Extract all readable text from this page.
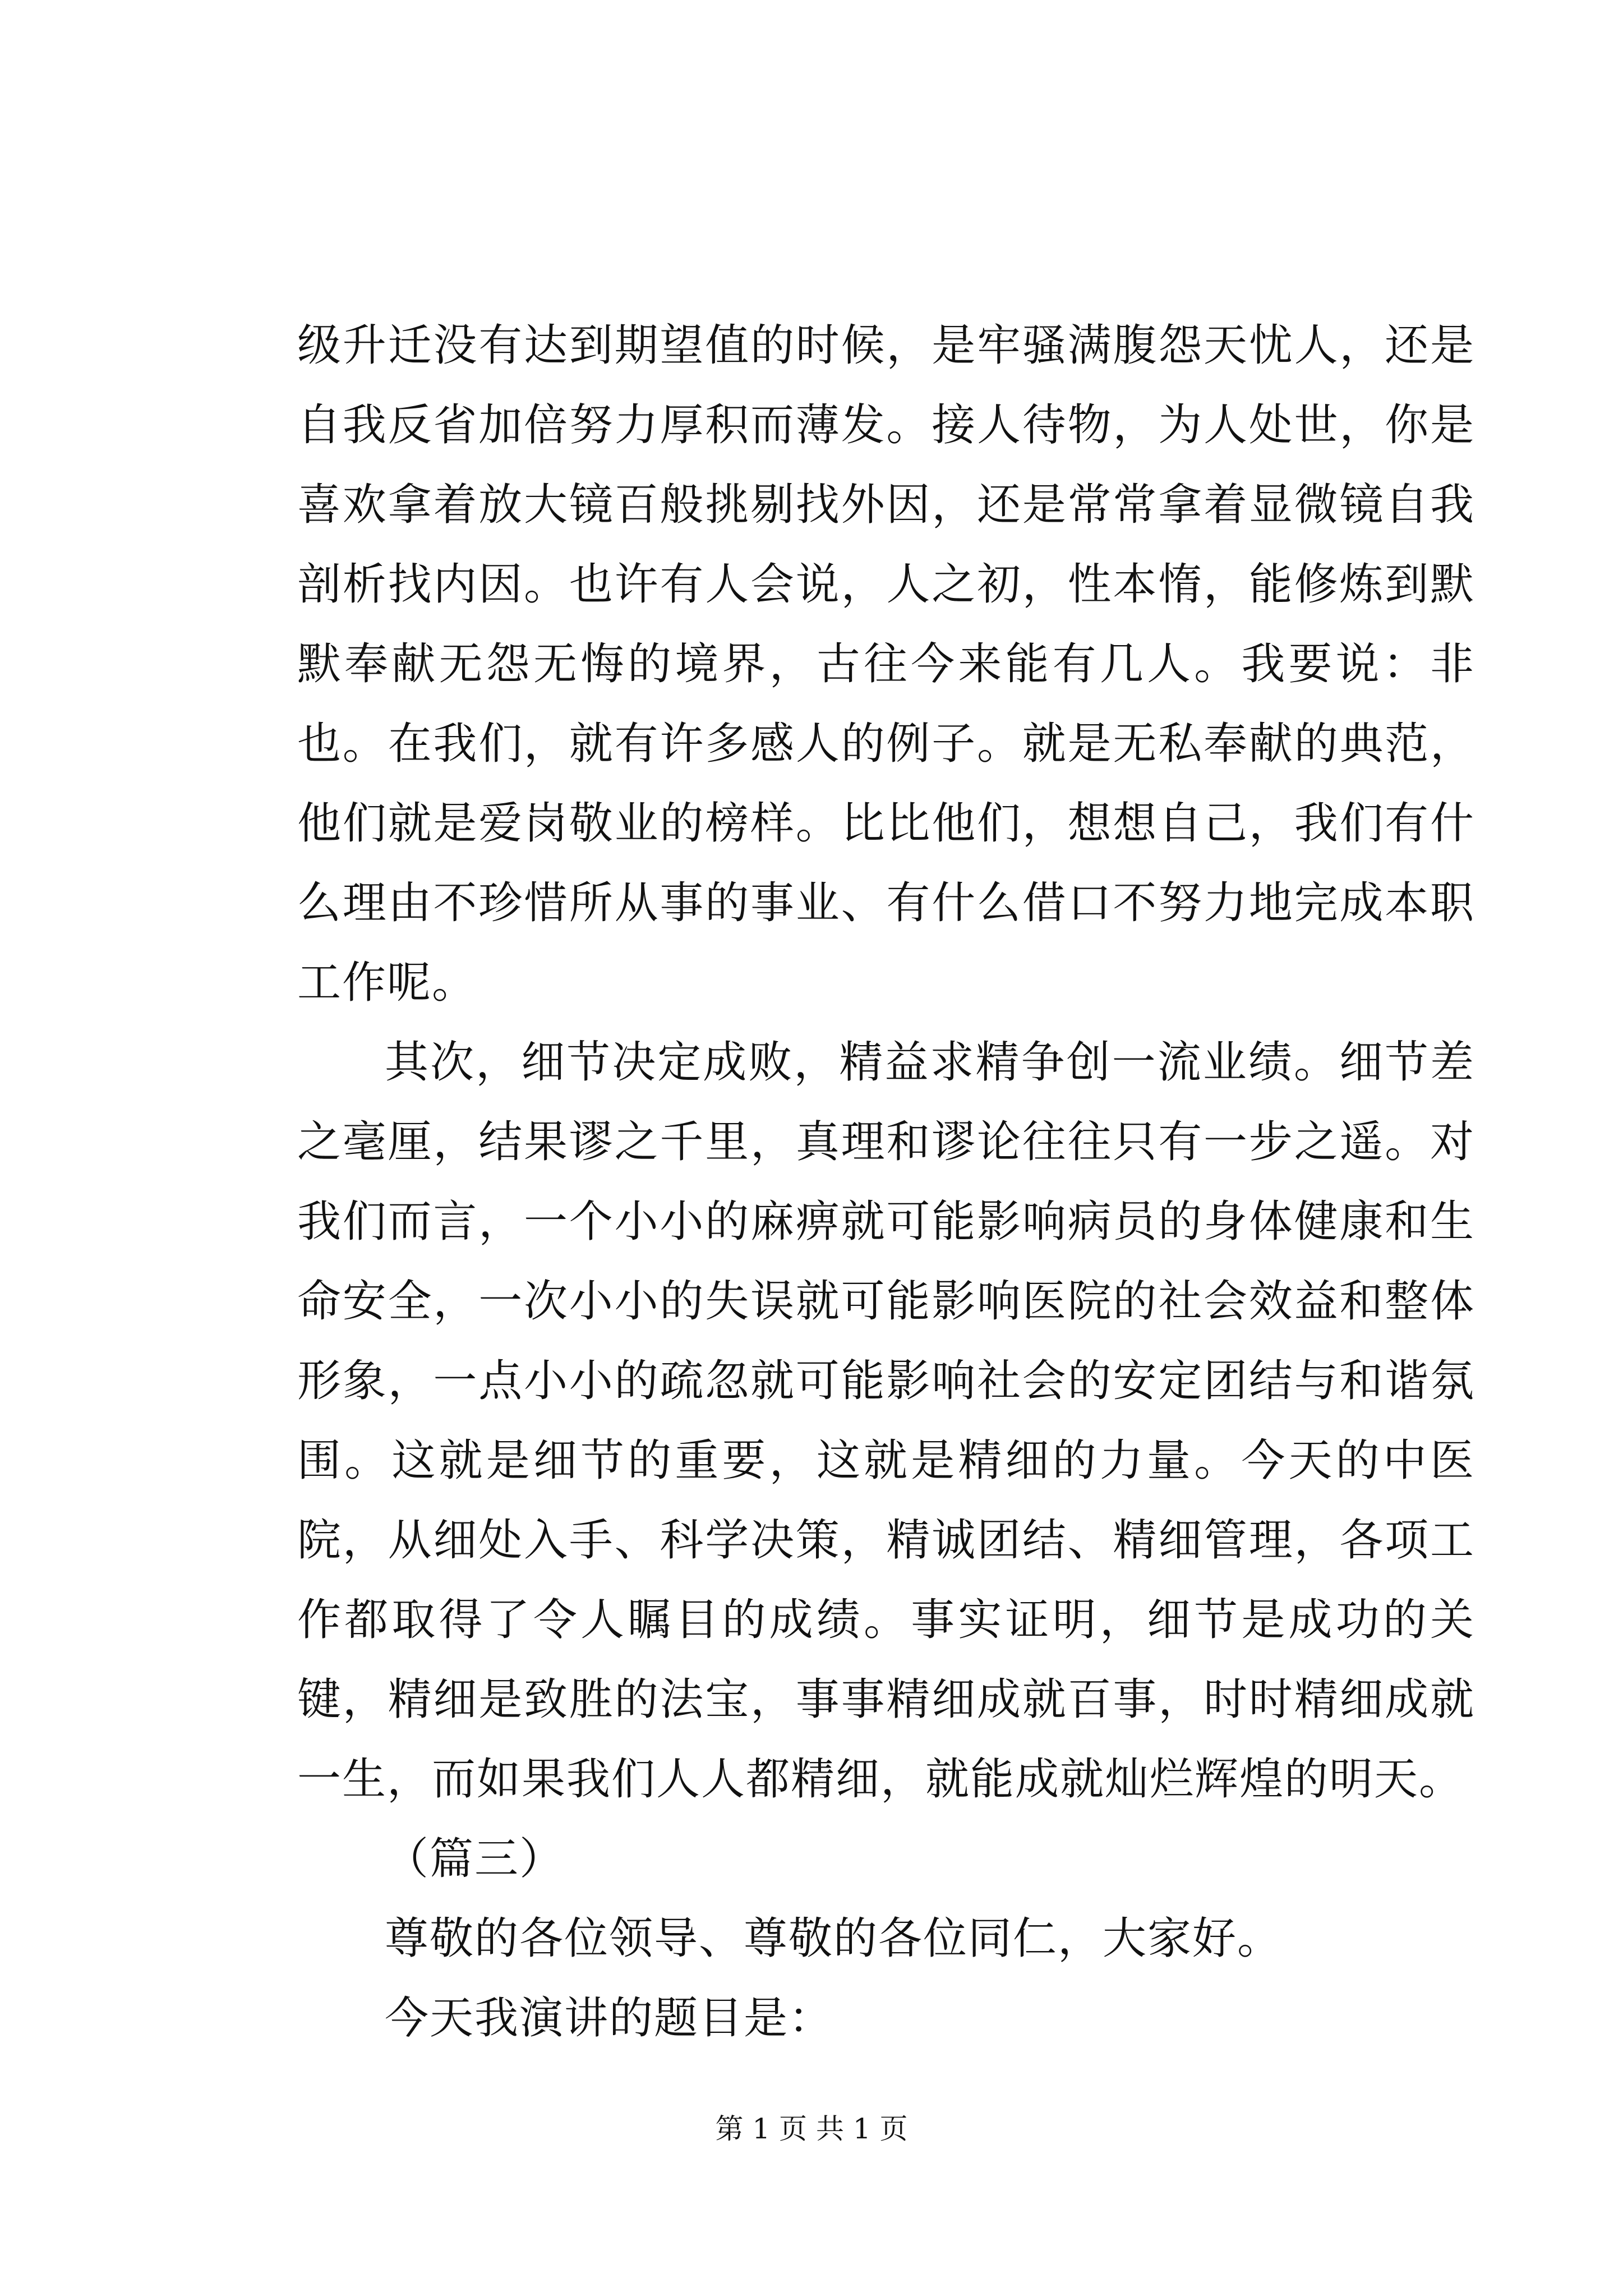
级升迁没有达到期望值的时候，是牢骚满腹怨天忧人，还是自我反省加倍努力厚积而薄发。接人待物，为人处世，你是喜欢拿着放大镜百般挑剔找外因，还是常常拿着显微镜自我剖析找内因。也许有人会说，人之初，性本惰，能修炼到默默奉献无怨无悔的境界，古往今来能有几人。我要说：非也。在我们，就有许多感人的例子。就是无私奉献的典范，他们就是爱岗敬业的榜样。比比他们，想想自己，我们有什么理由不珍惜所从事的事业、有什么借口不努力地完成本职工作呢。

其次，细节决定成败，精益求精争创一流业绩。细节差之毫厘，结果谬之千里，真理和谬论往往只有一步之遥。对我们而言，一个小小的麻痹就可能影响病员的身体健康和生命安全，一次小小的失误就可能影响医院的社会效益和整体形象，一点小小的疏忽就可能影响社会的安定团结与和谐氛围。这就是细节的重要，这就是精细的力量。今天的中医院，从细处入手、科学决策，精诚团结、精细管理，各项工作都取得了令人瞩目的成绩。事实证明，细节是成功的关键，精细是致胜的法宝，事事精细成就百事，时时精细成就一生，而如果我们人人都精细，就能成就灿烂辉煌的明天。

（篇三）

尊敬的各位领导、尊敬的各位同仁，大家好。

今天我演讲的题目是：

第 1 页 共 1 页
